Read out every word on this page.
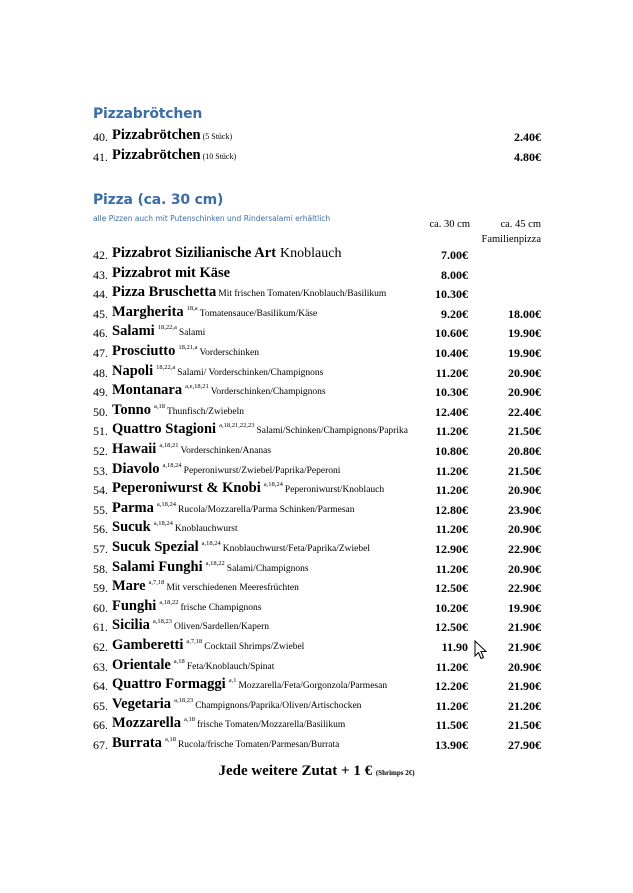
Pizzabrötchen
40. Pizzabrötchen (5 Stück)	2.40€
41. Pizzabrötchen (10 Stück)	4.80€
Pizza (ca. 30 cm)
alle Pizzen auch mit Putenschinken und Rindersalami erhältlich
ca. 30 cm	ca. 45 cm
Familienpizza
42. Pizzabrot Sizilianische Art Knoblauch	7.00€
43. Pizzabrot mit Käse	8.00€
44. Pizza Bruschetta Mit frischen Tomaten/Knoblauch/Basilikum	10.30€
45. Margherita $^{18,a}$Tomatensauce/Basilikum/Käse	9.20€	18.00€
46. Salami $^{18,22,a}$Salami	10.60€	19.90€
47. Prosciutto $^{18,21,a}$Vorderschinken	10.40€	19.90€
48. Napoli $^{18,22,a}$Salami/ Vorderschinken/Champignons	11.20€	20.90€
49. Montanara $^{a,e,18,21}$Vorderschinken/Champignons	10.30€	20.90€
50. Tonno $^{a,18}$Thunfisch/Zwiebeln	12.40€	22.40€
51. Quattro Stagioni $^{a,18,21,22,23}$Salami/Schinken/Champignons/Paprika 11.20€	21.50€
52. Hawaii $^{a,18,21}$Vorderschinken/Ananas	10.80€	20.80€
53. Diavolo $^{a,18,24}$Peperoniwurst/Zwiebel/Paprika/Peperoni	11.20€	21.50€
54. Peperoniwurst & Knobi $^{a,18,24}$Peperoniwurst/Knoblauch	11.20€	20.90€
55. Parma $^{a,18,24}$Rucola/Mozzarella/Parma Schinken/Parmesan	12.80€	23.90€
56. Sucuk $^{a,18,24}$Knoblauchwurst	11.20€	20.90€
57. Sucuk Spezial $^{a,18,24}$Knoblauchwurst/Feta/Paprika/Zwiebel	12.90€	22.90€
58. Salami Funghi $^{a,18,22}$Salami/Champignons	11.20€	20.90€
59. Mare $^{a,7,18}$Mit verschiedenen Meeresfrüchten	12.50€	22.90€
60. Funghi $^{a,18,22}$frische Champignons	10.20€	19.90€
61. Sicilia $^{a,18,23}$Oliven/Sardellen/Kapern	12.50€	21.90€
62. Gamberetti $^{a,7,18}$Cocktail Shrimps/Zwiebel	11.90	21.90€
63. Orientale $^{a,18}$Feta/Knoblauch/Spinat	11.20€	20.90€
64. Quattro Formaggi $^{a,1}$Mozzarella/Feta/Gorgonzola/Parmesan	12.20€	21.90€
65. Vegetaria $^{a,18,23}$Champignons/Paprika/Oliven/Artischocken	11.20€	21.20€
66. Mozzarella $^{a,18}$frische Tomaten/Mozzarella/Basilikum	11.50€	21.50€
67. Burrata $^{a,18}$Rucola/frische Tomaten/Parmesan/Burrata	13.90€	27.90€
Jede weitere Zutat + 1 € (Shrimps 2€)
